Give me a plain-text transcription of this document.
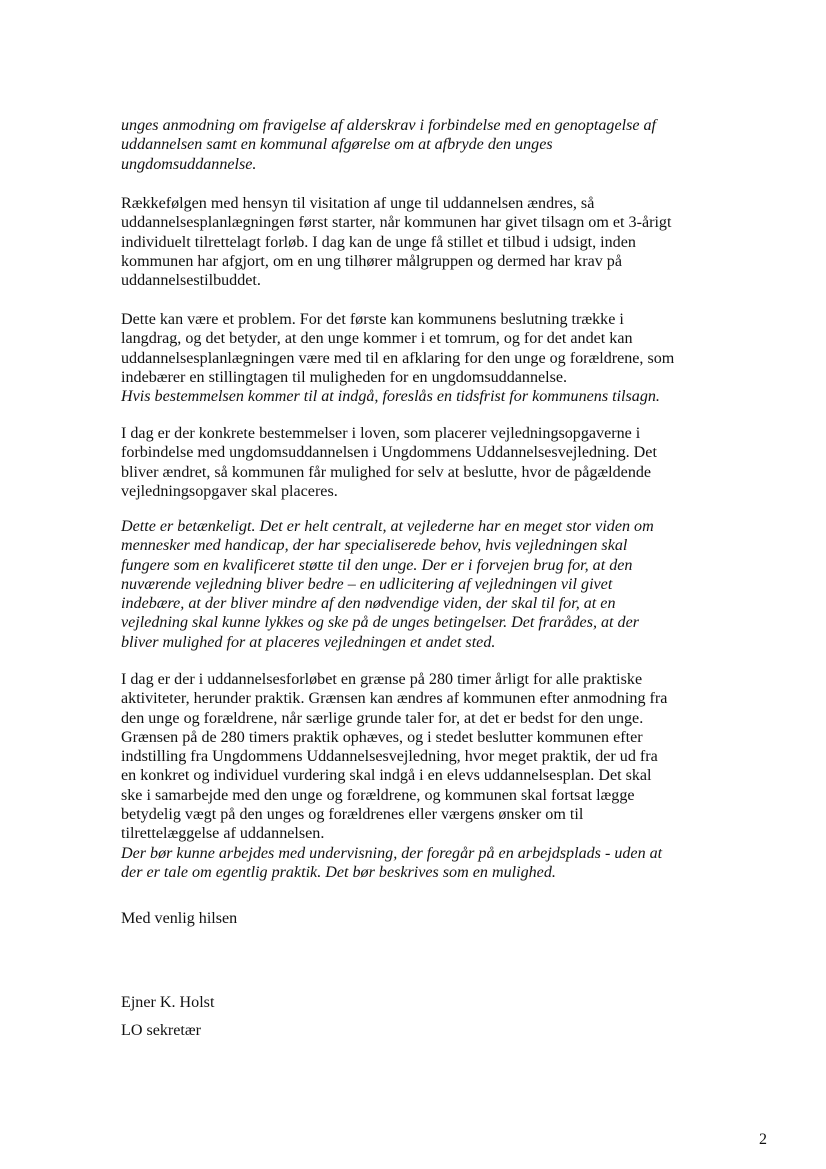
unges anmodning om fravigelse af alderskrav i forbindelse med en genoptagelse af
uddannelsen samt en kommunal afgørelse om at afbryde den unges
ungdomsuddannelse.

Rækkefølgen med hensyn til visitation af unge til uddannelsen ændres, så
uddannelsesplanlægningen først starter, når kommunen har givet tilsagn om et 3-årigt
individuelt tilrettelagt forløb. I dag kan de unge få stillet et tilbud i udsigt, inden
kommunen har afgjort, om en ung tilhører målgruppen og dermed har krav på
uddannelsestilbuddet.

Dette kan være et problem. For det første kan kommunens beslutning trække i
langdrag, og det betyder, at den unge kommer i et tomrum, og for det andet kan
uddannelsesplanlægningen være med til en afklaring for den unge og forældrene, som
indebærer en stillingtagen til muligheden for en ungdomsuddannelse.

Hvis bestemmelsen kommer til at indgå, foreslås en tidsfrist for kommunens tilsagn.

I dag er der konkrete bestemmelser i loven, som placerer vejledningsopgaverne i
forbindelse med ungdomsuddannelsen i Ungdommens Uddannelsesvejledning. Det
bliver ændret, så kommunen får mulighed for selv at beslutte, hvor de pågældende
vejledningsopgaver skal placeres.

Dette er betænkeligt. Det er helt centralt, at vejlederne har en meget stor viden om
mennesker med handicap, der har specialiserede behov, hvis vejledningen skal
fungere som en kvalificeret støtte til den unge. Der er i forvejen brug for, at den
nuværende vejledning bliver bedre – en udlicitering af vejledningen vil givet
indebære, at der bliver mindre af den nødvendige viden, der skal til for, at en
vejledning skal kunne lykkes og ske på de unges betingelser. Det frarådes, at der
bliver mulighed for at placeres vejledningen et andet sted.

I dag er der i uddannelsesforløbet en grænse på 280 timer årligt for alle praktiske
aktiviteter, herunder praktik. Grænsen kan ændres af kommunen efter anmodning fra
den unge og forældrene, når særlige grunde taler for, at det er bedst for den unge.
Grænsen på de 280 timers praktik ophæves, og i stedet beslutter kommunen efter
indstilling fra Ungdommens Uddannelsesvejledning, hvor meget praktik, der ud fra
en konkret og individuel vurdering skal indgå i en elevs uddannelsesplan. Det skal
ske i samarbejde med den unge og forældrene, og kommunen skal fortsat lægge
betydelig vægt på den unges og forældrenes eller værgens ønsker om til
tilrettelæggelse af uddannelsen.

Der bør kunne arbejdes med undervisning, der foregår på en arbejdsplads - uden at
der er tale om egentlig praktik. Det bør beskrives som en mulighed.

Med venlig hilsen

Ejner K. Holst

LO sekretær

2
